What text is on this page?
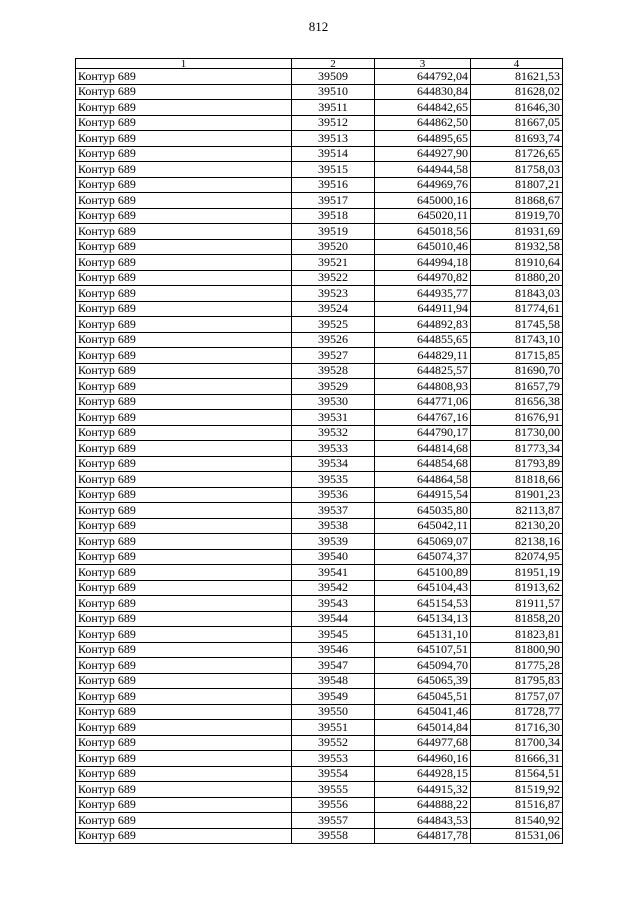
812
1	2	3	4
Контур 689	39509	644792,04	81621,53
Контур 689	39510	644830,84	81628,02
Контур 689	39511	644842,65	81646,30
Контур 689	39512	644862,50	81667,05
Контур 689	39513	644895,65	81693,74
Контур 689	39514	644927,90	81726,65
Контур 689	39515	644944,58	81758,03
Контур 689	39516	644969,76	81807,21
Контур 689	39517	645000,16	81868,67
Контур 689	39518	645020,11	81919,70
Контур 689	39519	645018,56	81931,69
Контур 689	39520	645010,46	81932,58
Контур 689	39521	644994,18	81910,64
Контур 689	39522	644970,82	81880,20
Контур 689	39523	644935,77	81843,03
Контур 689	39524	644911,94	81774,61
Контур 689	39525	644892,83	81745,58
Контур 689	39526	644855,65	81743,10
Контур 689	39527	644829,11	81715,85
Контур 689	39528	644825,57	81690,70
Контур 689	39529	644808,93	81657,79
Контур 689	39530	644771,06	81656,38
Контур 689	39531	644767,16	81676,91
Контур 689	39532	644790,17	81730,00
Контур 689	39533	644814,68	81773,34
Контур 689	39534	644854,68	81793,89
Контур 689	39535	644864,58	81818,66
Контур 689	39536	644915,54	81901,23
Контур 689	39537	645035,80	82113,87
Контур 689	39538	645042,11	82130,20
Контур 689	39539	645069,07	82138,16
Контур 689	39540	645074,37	82074,95
Контур 689	39541	645100,89	81951,19
Контур 689	39542	645104,43	81913,62
Контур 689	39543	645154,53	81911,57
Контур 689	39544	645134,13	81858,20
Контур 689	39545	645131,10	81823,81
Контур 689	39546	645107,51	81800,90
Контур 689	39547	645094,70	81775,28
Контур 689	39548	645065,39	81795,83
Контур 689	39549	645045,51	81757,07
Контур 689	39550	645041,46	81728,77
Контур 689	39551	645014,84	81716,30
Контур 689	39552	644977,68	81700,34
Контур 689	39553	644960,16	81666,31
Контур 689	39554	644928,15	81564,51
Контур 689	39555	644915,32	81519,92
Контур 689	39556	644888,22	81516,87
Контур 689	39557	644843,53	81540,92
Контур 689	39558	644817,78	81531,06
